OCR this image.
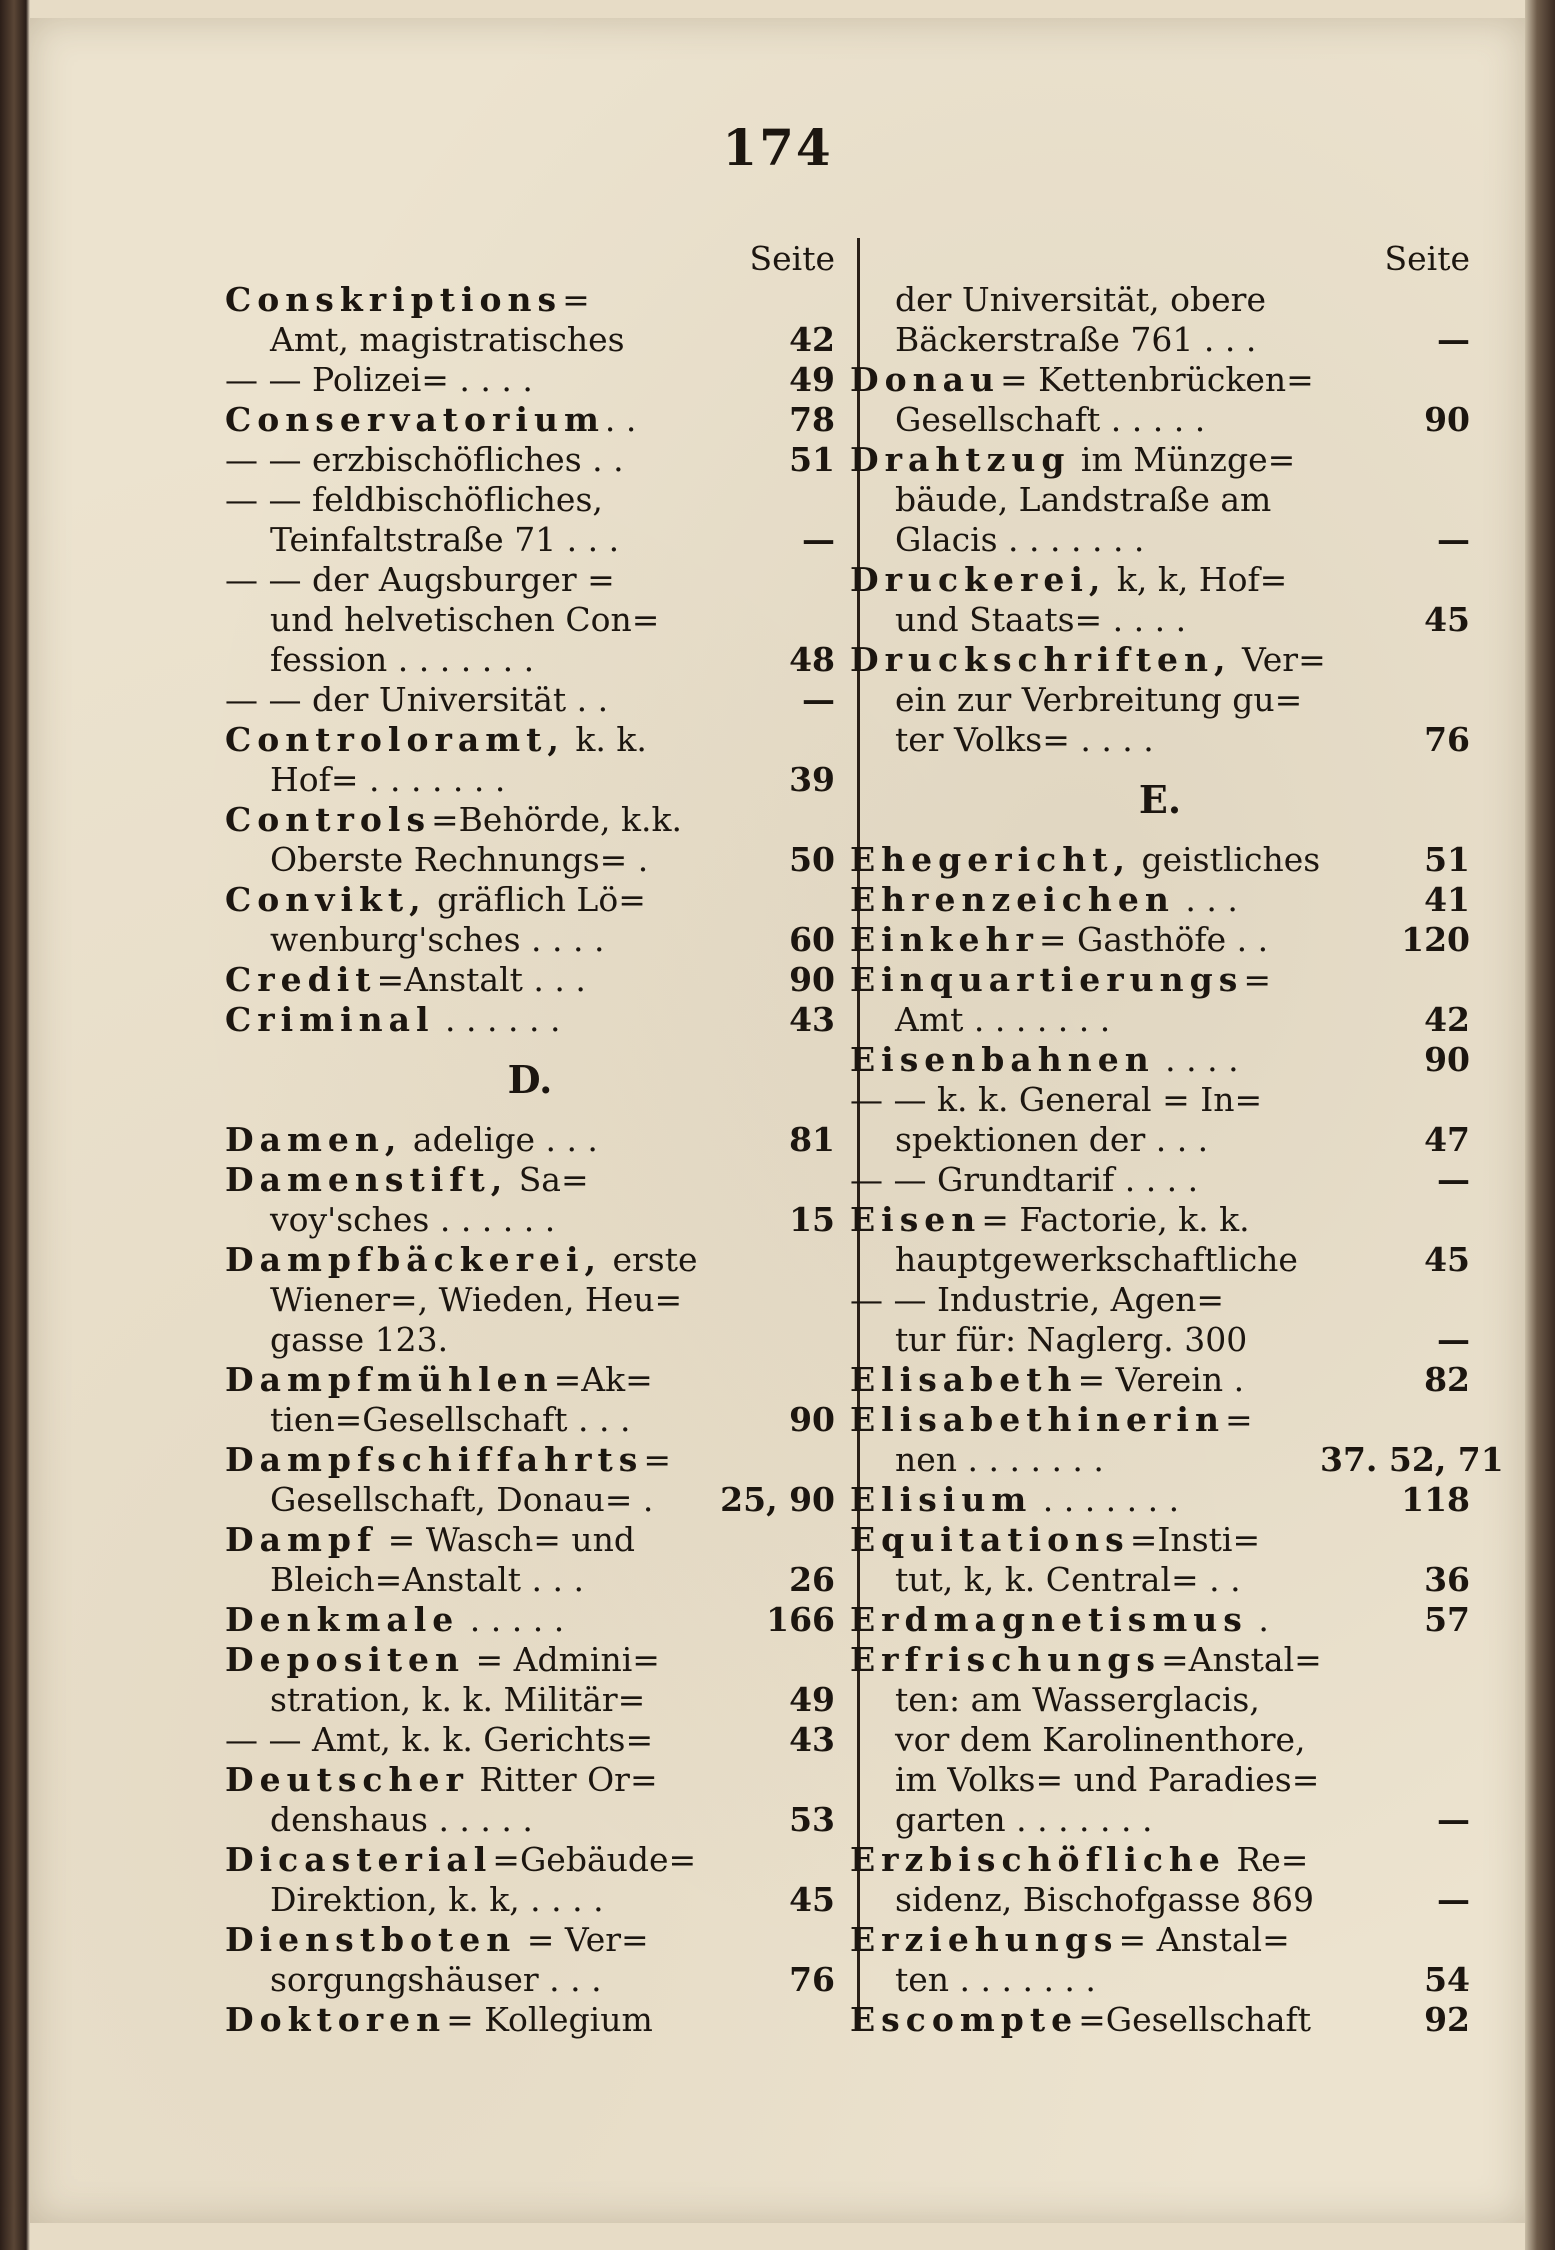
174
Seite
Conskriptions=
Amt, magistratisches	42
— — Polizei= . . . .	49
Conservatorium. .	78
— — erzbischöfliches . .	51
— — feldbischöfliches,
Teinfaltstraße 71 . . .	—
— — der Augsburger =
und helvetischen Con=
fession . . . . . . .	48
— — der Universität . .	—
Controloramt, k. k.
Hof= . . . . . . .	39
Controls=Behörde, k.k.
Oberste Rechnungs= .	50
Convikt, gräflich Lö=
wenburg'sches . . . .	60
Credit=Anstalt . . .	90
Criminal . . . . . .	43
D.
Damen, adelige . . .	81
Damenstift, Sa=
voy'sches . . . . . .	15
Dampfbäckerei, erste
Wiener=, Wieden, Heu=
gasse 123.
Dampfmühlen=Ak=
tien=Gesellschaft . . .	90
Dampfschiffahrts=
Gesellschaft, Donau= .	25, 90
Dampf = Wasch= und
Bleich=Anstalt . . .	26
Denkmale . . . . .	166
Depositen = Admini=
stration, k. k. Militär=	49
— — Amt, k. k. Gerichts=	43
Deutscher Ritter Or=
denshaus . . . . .	53
Dicasterial=Gebäude=
Direktion, k. k, . . . .	45
Dienstboten = Ver=
sorgungshäuser . . .	76
Doktoren= Kollegium
Seite
der Universität, obere
Bäckerstraße 761 . . .	—
Donau= Kettenbrücken=
Gesellschaft . . . . .	90
Drahtzug im Münzge=
bäude, Landstraße am
Glacis . . . . . . .	—
Druckerei, k, k, Hof=
und Staats= . . . .	45
Druckschriften, Ver=
ein zur Verbreitung gu=
ter Volks= . . . .	76
E.
Ehegericht, geistliches	51
Ehrenzeichen . . .	41
Einkehr= Gasthöfe . .	120
Einquartierungs=
Amt . . . . . . .	42
Eisenbahnen . . . .	90
— — k. k. General = In=
spektionen der . . .	47
— — Grundtarif . . . .	—
Eisen= Factorie, k. k.
hauptgewerkschaftliche	45
— — Industrie, Agen=
tur für: Naglerg. 300	—
Elisabeth= Verein .	82
Elisabethinerin=
nen . . . . . . .	37. 52, 71
Elisium . . . . . . .	118
Equitations=Insti=
tut, k, k. Central= . .	36
Erdmagnetismus .	57
Erfrischungs=Anstal=
ten: am Wasserglacis,
vor dem Karolinenthore,
im Volks= und Paradies=
garten . . . . . . .	—
Erzbischöfliche Re=
sidenz, Bischofgasse 869	—
Erziehungs= Anstal=
ten . . . . . . .	54
Escompte=Gesellschaft	92
